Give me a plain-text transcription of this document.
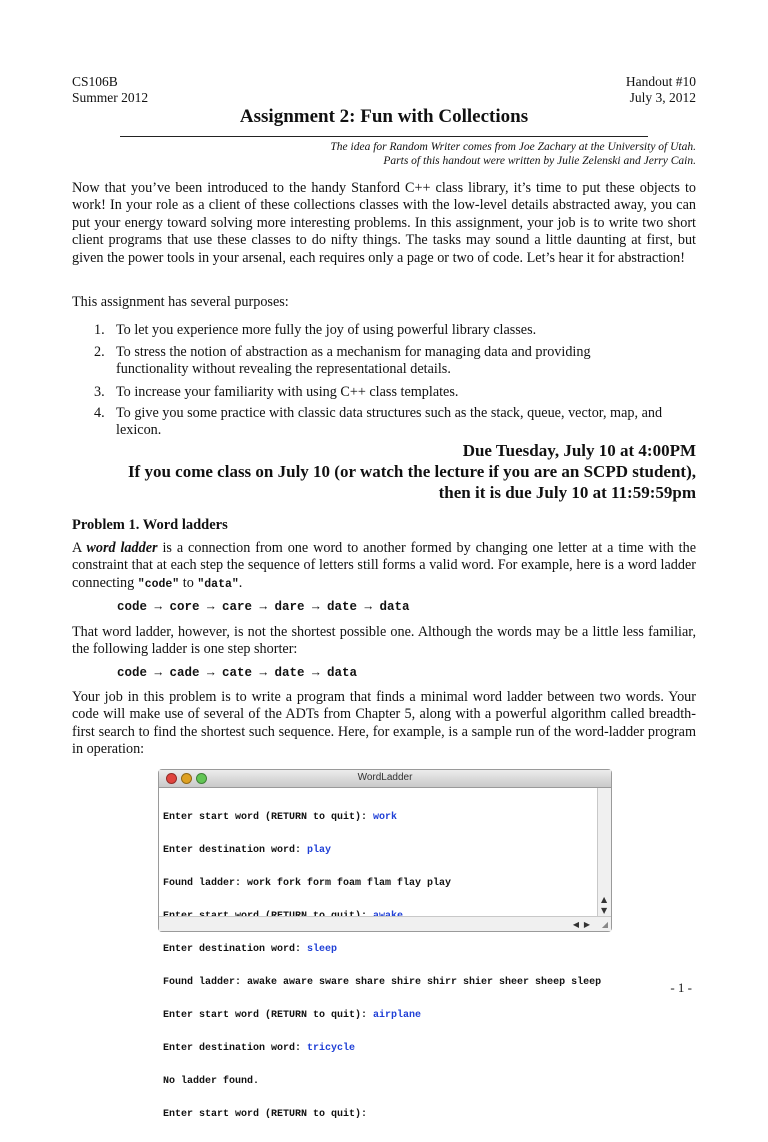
CS106B
Summer 2012
Handout #10
July 3, 2012
Assignment 2: Fun with Collections
The idea for Random Writer comes from Joe Zachary at the University of Utah.
Parts of this handout were written by Julie Zelenski and Jerry Cain.
Now that you’ve been introduced to the handy Stanford C++ class library, it’s time to put these objects to work! In your role as a client of these collections classes with the low-level details abstracted away, you can put your energy toward solving more interesting problems. In this assignment, your job is to write two short client programs that use these classes to do nifty things. The tasks may sound a little daunting at first, but given the power tools in your arsenal, each requires only a page or two of code. Let’s hear it for abstraction!
This assignment has several purposes:
1. To let you experience more fully the joy of using powerful library classes.
2. To stress the notion of abstraction as a mechanism for managing data and providing functionality without revealing the representational details.
3. To increase your familiarity with using C++ class templates.
4. To give you some practice with classic data structures such as the stack, queue, vector, map, and lexicon.
Due Tuesday, July 10 at 4:00PM
If you come class on July 10 (or watch the lecture if you are an SCPD student),
then it is due July 10 at 11:59:59pm
Problem 1. Word ladders
A word ladder is a connection from one word to another formed by changing one letter at a time with the constraint that at each step the sequence of letters still forms a valid word. For example, here is a word ladder connecting "code" to "data".
code → core → care → dare → date → data
That word ladder, however, is not the shortest possible one. Although the words may be a little less familiar, the following ladder is one step shorter:
code → cade → cate → date → data
Your job in this problem is to write a program that finds a minimal word ladder between two words. Your code will make use of several of the ADTs from Chapter 5, along with a powerful algorithm called breadth-first search to find the shortest such sequence. Here, for example, is a sample run of the word-ladder program in operation:
WordLadder

Enter start word (RETURN to quit): work

Enter destination word: play

Found ladder: work fork form foam flam flay play

Enter destination word: sleep

Found ladder: awake aware sware share shire shirr shier sheer sheep sleep

Enter start word (RETURN to quit): airplane

Enter destination word: tricycle

No ladder found.

Enter start word (RETURN to quit):

▲
▼
◀ ▶ ◢
- 1 -
